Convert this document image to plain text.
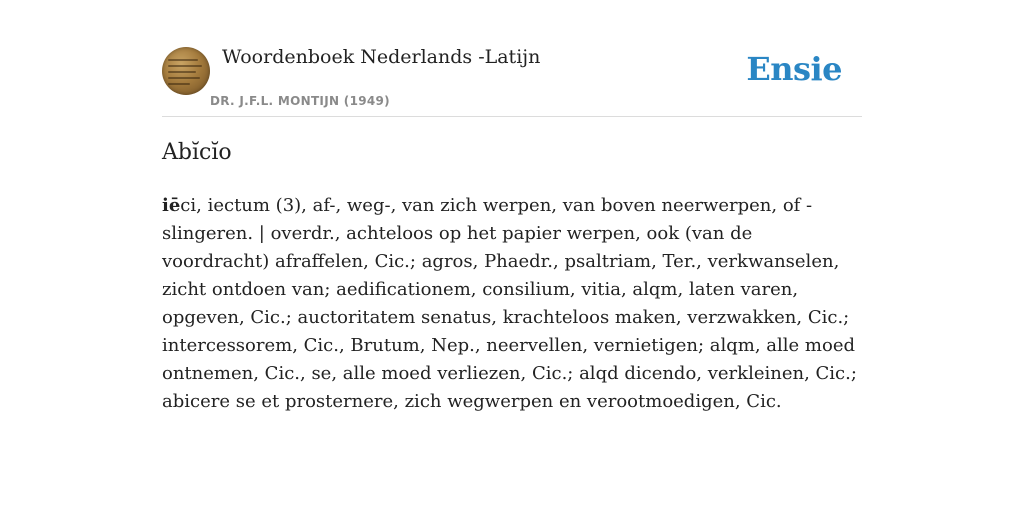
Woordenboek Nederlands -Latijn
DR. J.F.L. MONTIJN (1949)
Ensie
Abĭcĭo

iēci, iectum (3), af-, weg-, van zich werpen, van boven neerwerpen, of -slingeren. | overdr., achteloos op het papier werpen, ook (van de voordracht) afraffelen, Cic.; agros, Phaedr., psaltriam, Ter., verkwanselen, zicht ontdoen van; aedificationem, consilium, vitia, alqm, laten varen, opgeven, Cic.; auctoritatem senatus, krachteloos maken, verzwakken, Cic.; intercessorem, Cic., Brutum, Nep., neervellen, vernietigen; alqm, alle moed ontnemen, Cic., se, alle moed verliezen, Cic.; alqd dicendo, verkleinen, Cic.; abicere se et prosternere, zich wegwerpen en verootmoedigen, Cic.
